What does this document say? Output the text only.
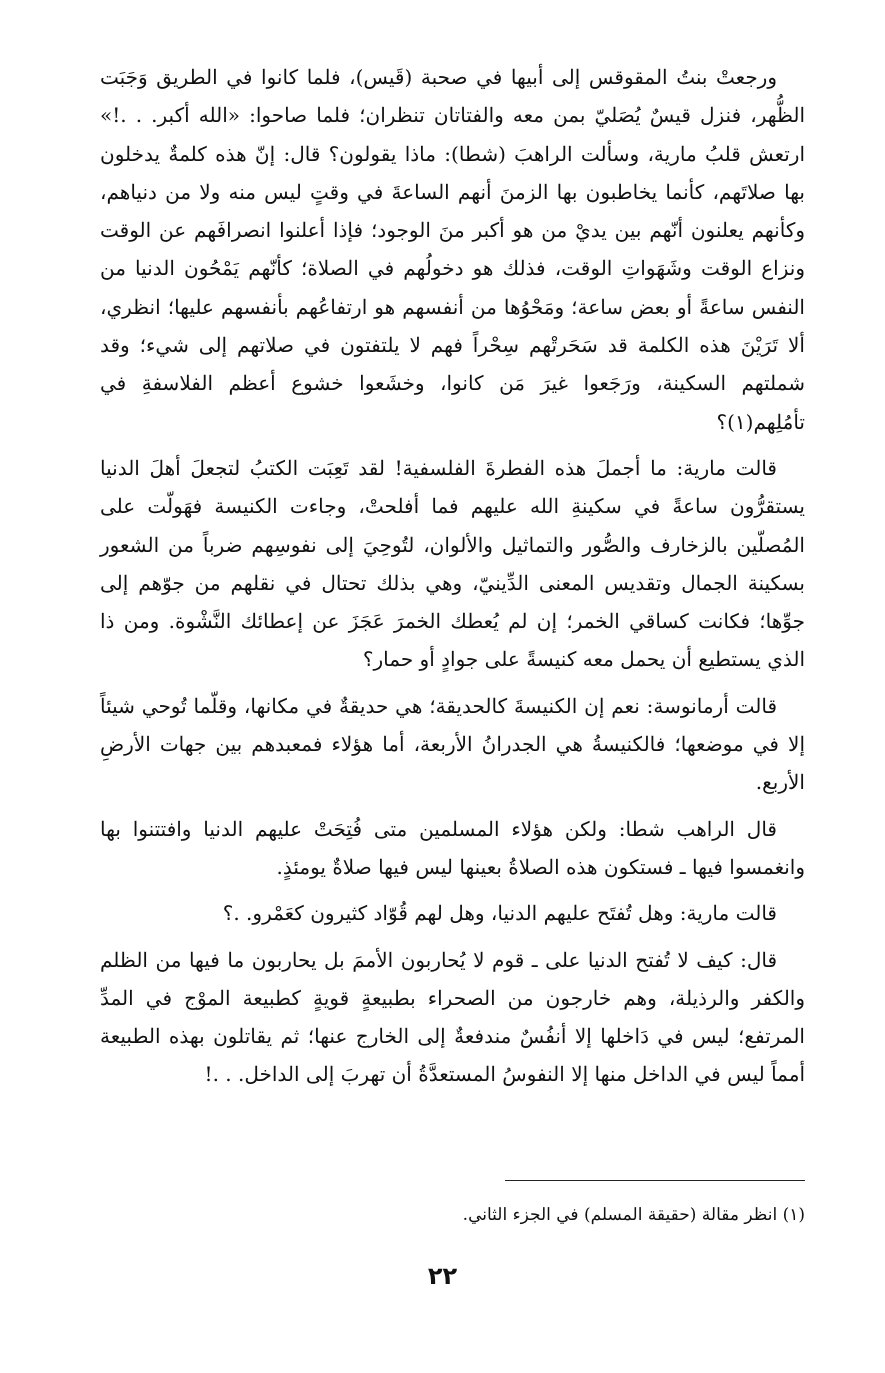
ورجعتْ بنتُ المقوقس إلى أبيها في صحبة (قَيس)، فلما كانوا في الطريق وَجَبَت الظُّهر، فنزل قيسٌ يُصَليّ بمن معه والفتاتان تنظران؛ فلما صاحوا: «الله أكبر. . .!» ارتعش قلبُ مارية، وسألت الراهبَ (شطا): ماذا يقولون؟ قال: إنّ هذه كلمةٌ يدخلون بها صلاتَهم، كأنما يخاطبون بها الزمنَ أنهم الساعةَ في وقتٍ ليس منه ولا من دنياهم، وكأنهم يعلنون أنّهم بين يديْ من هو أكبر منَ الوجود؛ فإذا أعلنوا انصرافَهم عن الوقت ونزاع الوقت وشَهَواتِ الوقت، فذلك هو دخولُهم في الصلاة؛ كأنّهم يَمْحُون الدنيا من النفس ساعةً أو بعض ساعة؛ ومَحْوُها من أنفسهم هو ارتفاعُهم بأنفسهم عليها؛ انظري، ألا تَرَيْنَ هذه الكلمة قد سَحَرتْهم سِحْراً فهم لا يلتفتون في صلاتهم إلى شيء؛ وقد شملتهم السكينة، ورَجَعوا غيرَ مَن كانوا، وخشَعوا خشوع أعظم الفلاسفةِ في تأمُلِهم(١)؟

قالت مارية: ما أجملَ هذه الفطرةَ الفلسفية! لقد تَعِبَت الكتبُ لتجعلَ أهلَ الدنيا يستقرُّون ساعةً في سكينةِ الله عليهم فما أفلحتْ، وجاءت الكنيسة فهَولّت على المُصلّين بالزخارف والصُّور والتماثيل والألوان، لتُوحِيَ إلى نفوسِهم ضرباً من الشعور بسكينة الجمال وتقديس المعنى الدِّينيّ، وهي بذلك تحتال في نقلهم من جوّهم إلى جوِّها؛ فكانت كساقي الخمر؛ إن لم يُعطك الخمرَ عَجَزَ عن إعطائك النَّشْوة. ومن ذا الذي يستطيع أن يحمل معه كنيسةً على جوادٍ أو حمار؟

قالت أرمانوسة: نعم إن الكنيسةَ كالحديقة؛ هي حديقةٌ في مكانها، وقلّما تُوحي شيئاً إلا في موضعها؛ فالكنيسةُ هي الجدرانُ الأربعة، أما هؤلاء فمعبدهم بين جهات الأرضِ الأربع.

قال الراهب شطا: ولكن هؤلاء المسلمين متى فُتِحَتْ عليهم الدنيا وافتتنوا بها وانغمسوا فيها ـ فستكون هذه الصلاةُ بعينها ليس فيها صلاةٌ يومئذٍ.

قالت مارية: وهل تُفتَح عليهم الدنيا، وهل لهم قُوّاد كثيرون كعَمْرو. .؟

قال: كيف لا تُفتح الدنيا على ـ قوم لا يُحاربون الأممَ بل يحاربون ما فيها من الظلم والكفر والرذيلة، وهم خارجون من الصحراء بطبيعةٍ قويةٍ كطبيعة الموْج في المدِّ المرتفع؛ ليس في دَاخلها إلا أنفُسٌ مندفعةٌ إلى الخارج عنها؛ ثم يقاتلون بهذه الطبيعة أمماً ليس في الداخل منها إلا النفوسُ المستعدَّةُ أن تهربَ إلى الداخل. . .!

(١) انظر مقالة (حقيقة المسلم) في الجزء الثاني.
٢٢
